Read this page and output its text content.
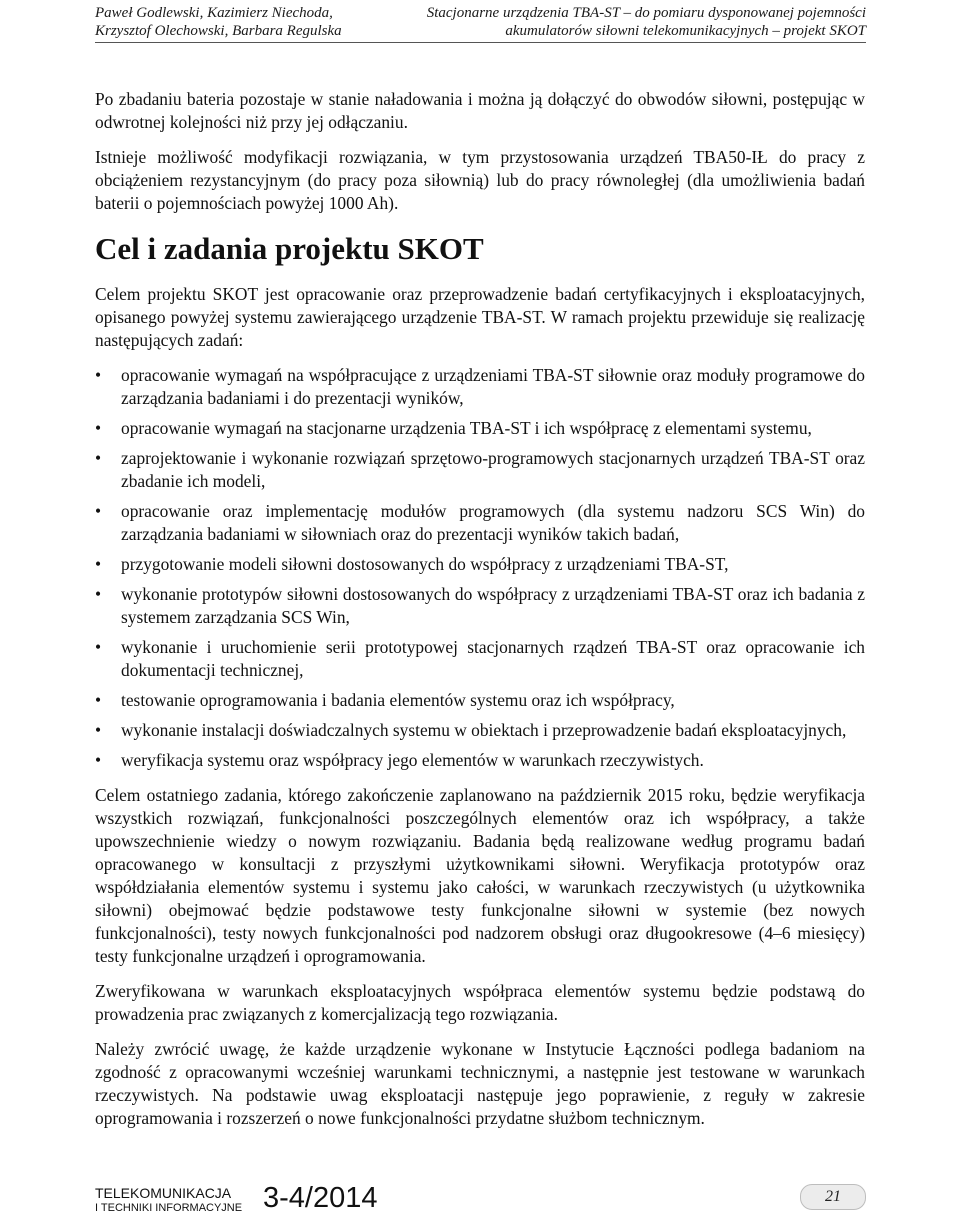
Paweł Godlewski, Kazimierz Niechoda,
Krzysztof Olechowski, Barbara Regulska
Stacjonarne urządzenia TBA-ST – do pomiaru dysponowanej pojemności
akumulatorów siłowni telekomunikacyjnych – projekt SKOT

Po zbadaniu bateria pozostaje w stanie naładowania i można ją dołączyć do obwodów siłowni, postępując w odwrotnej kolejności niż przy jej odłączaniu.

Istnieje możliwość modyfikacji rozwiązania, w tym przystosowania urządzeń TBA50-IŁ do pracy z obciążeniem rezystancyjnym (do pracy poza siłownią) lub do pracy równoległej (dla umożliwienia badań baterii o pojemnościach powyżej 1000 Ah).

Cel i zadania projektu SKOT

Celem projektu SKOT jest opracowanie oraz przeprowadzenie badań certyfikacyjnych i eksploatacyjnych, opisanego powyżej systemu zawierającego urządzenie TBA-ST. W ramach projektu przewiduje się realizację następujących zadań:

• opracowanie wymagań na współpracujące z urządzeniami TBA-ST siłownie oraz moduły programowe do zarządzania badaniami i do prezentacji wyników,
• opracowanie wymagań na stacjonarne urządzenia TBA-ST i ich współpracę z elementami systemu,
• zaprojektowanie i wykonanie rozwiązań sprzętowo-programowych stacjonarnych urządzeń TBA-ST oraz zbadanie ich modeli,
• opracowanie oraz implementację modułów programowych (dla systemu nadzoru SCS Win) do zarządzania badaniami w siłowniach oraz do prezentacji wyników takich badań,
• przygotowanie modeli siłowni dostosowanych do współpracy z urządzeniami TBA-ST,
• wykonanie prototypów siłowni dostosowanych do współpracy z urządzeniami TBA-ST oraz ich badania z systemem zarządzania SCS Win,
• wykonanie i uruchomienie serii prototypowej stacjonarnych rządzeń TBA-ST oraz opracowanie ich dokumentacji technicznej,
• testowanie oprogramowania i badania elementów systemu oraz ich współpracy,
• wykonanie instalacji doświadczalnych systemu w obiektach i przeprowadzenie badań eksploatacyjnych,
• weryfikacja systemu oraz współpracy jego elementów w warunkach rzeczywistych.

Celem ostatniego zadania, którego zakończenie zaplanowano na październik 2015 roku, będzie weryfikacja wszystkich rozwiązań, funkcjonalności poszczególnych elementów oraz ich współpracy, a także upowszechnienie wiedzy o nowym rozwiązaniu. Badania będą realizowane według programu badań opracowanego w konsultacji z przyszłymi użytkownikami siłowni. Weryfikacja prototypów oraz współdziałania elementów systemu i systemu jako całości, w warunkach rzeczywistych (u użytkownika siłowni) obejmować będzie podstawowe testy funkcjonalne siłowni w systemie (bez nowych funkcjonalności), testy nowych funkcjonalności pod nadzorem obsługi oraz długookresowe (4–6 miesięcy) testy funkcjonalne urządzeń i oprogramowania.

Zweryfikowana w warunkach eksploatacyjnych współpraca elementów systemu będzie podstawą do prowadzenia prac związanych z komercjalizacją tego rozwiązania.

Należy zwrócić uwagę, że każde urządzenie wykonane w Instytucie Łączności podlega badaniom na zgodność z opracowanymi wcześniej warunkami technicznymi, a następnie jest testowane w warunkach rzeczywistych. Na podstawie uwag eksploatacji następuje jego poprawienie, z reguły w zakresie oprogramowania i rozszerzeń o nowe funkcjonalności przydatne służbom technicznym.

TELEKOMUNIKACJA
I TECHNIKI INFORMACYJNE 3-4/2014	21
